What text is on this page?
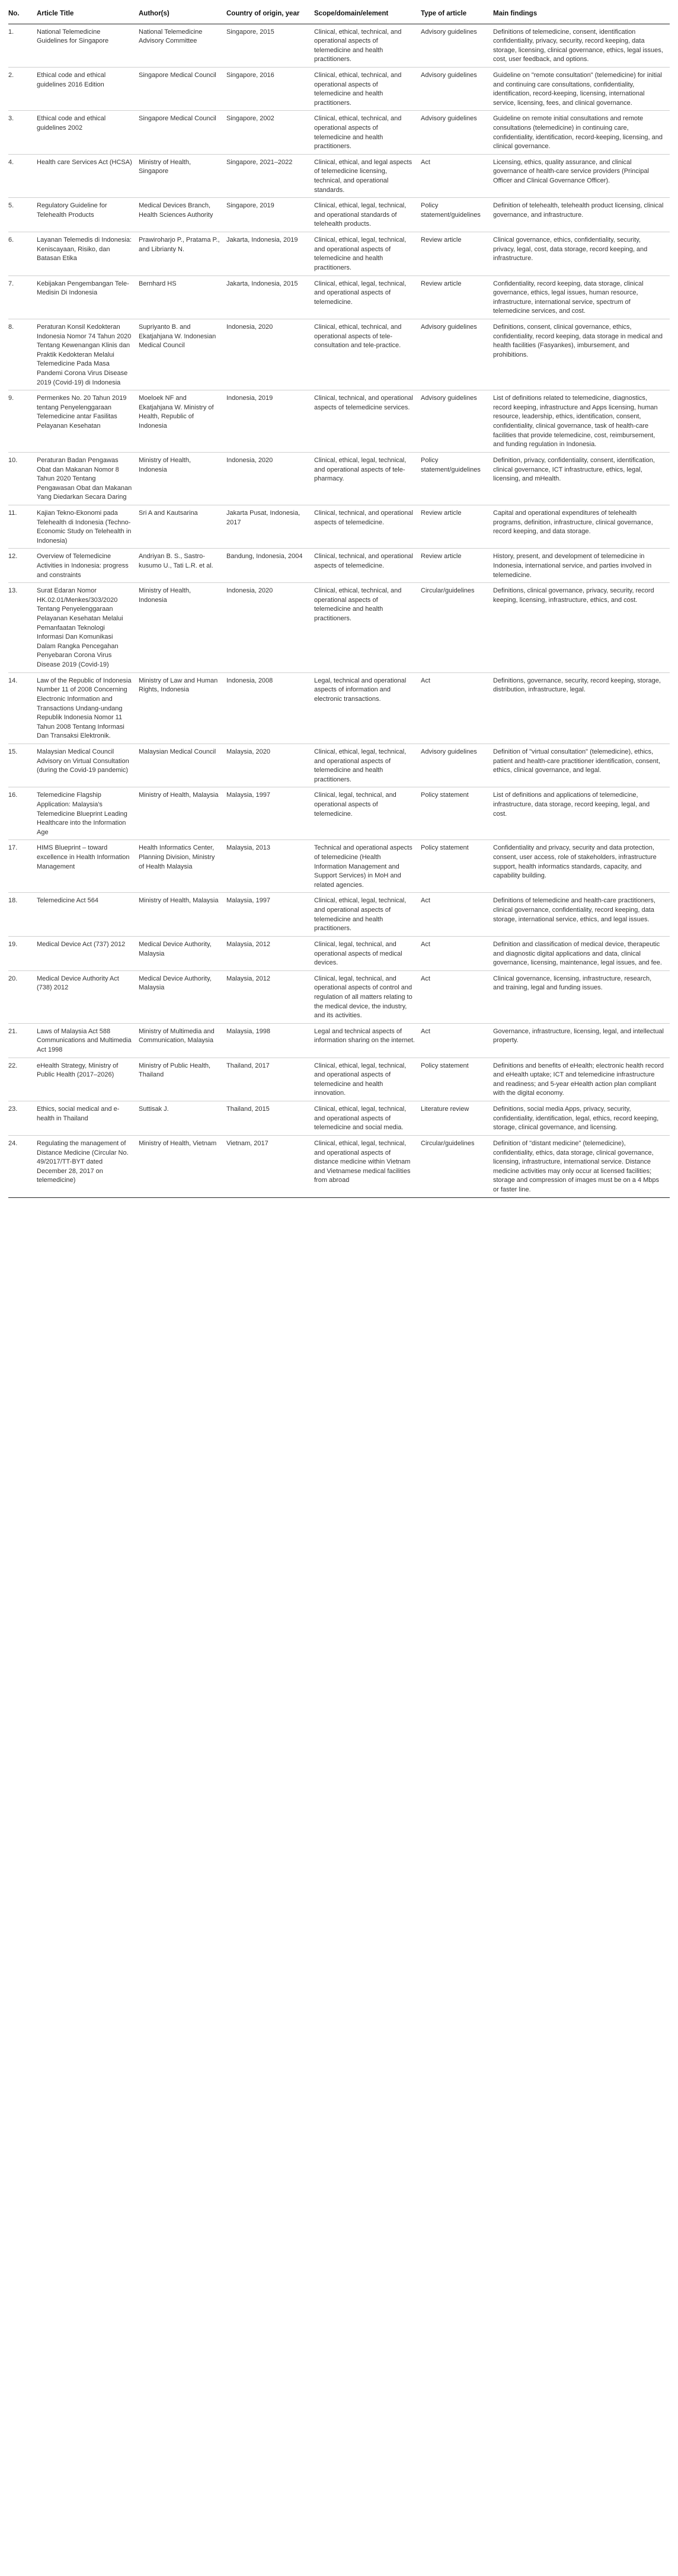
No.	Article Title	Author(s)	Country of origin, year	Scope/domain/element	Type of article	Main findings
1.	National Telemedicine Guidelines for Singapore	National Telemedicine Advisory Committee	Singapore, 2015	Clinical, ethical, technical, and operational aspects of telemedicine and health practitioners.	Advisory guidelines	Definitions of telemedicine, consent, identification confidentiality, privacy, security, record keeping, data storage, licensing, clinical governance, ethics, legal issues, cost, user feedback, and options.
2.	Ethical code and ethical guidelines 2016 Edition	Singapore Medical Council	Singapore, 2016	Clinical, ethical, technical, and operational aspects of telemedicine and health practitioners.	Advisory guidelines	Guideline on "remote consultation" (telemedicine) for initial and continuing care consultations, confidentiality, identification, record-keeping, licensing, international service, licensing, fees, and clinical governance.
3.	Ethical code and ethical guidelines 2002	Singapore Medical Council	Singapore, 2002	Clinical, ethical, technical, and operational aspects of telemedicine and health practitioners.	Advisory guidelines	Guideline on remote initial consultations and remote consultations (telemedicine) in continuing care, confidentiality, identification, record-keeping, licensing, and clinical governance.
4.	Health care Services Act (HCSA)	Ministry of Health, Singapore	Singapore, 2021–2022	Clinical, ethical, and legal aspects of telemedicine licensing, technical, and operational standards.	Act	Licensing, ethics, quality assurance, and clinical governance of health-care service providers (Principal Officer and Clinical Governance Officer).
5.	Regulatory Guideline for Telehealth Products	Medical Devices Branch, Health Sciences Authority	Singapore, 2019	Clinical, ethical, legal, technical, and operational standards of telehealth products.	Policy statement/guidelines	Definition of telehealth, telehealth product licensing, clinical governance, and infrastructure.
6.	Layanan Telemedis di Indonesia: Keniscayaan, Risiko, dan Batasan Etika	Prawiroharjo P., Pratama P., and Librianty N.	Jakarta, Indonesia, 2019	Clinical, ethical, legal, technical, and operational aspects of telemedicine and health practitioners.	Review article	Clinical governance, ethics, confidentiality, security, privacy, legal, cost, data storage, record keeping, and infrastructure.
7.	Kebijakan Pengembangan Tele-Medisin Di Indonesia	Bernhard HS	Jakarta, Indonesia, 2015	Clinical, ethical, legal, technical, and operational aspects of telemedicine.	Review article	Confidentiality, record keeping, data storage, clinical governance, ethics, legal issues, human resource, infrastructure, international service, spectrum of telemedicine services, and cost.
8.	Peraturan Konsil Kedokteran Indonesia Nomor 74 Tahun 2020 Tentang Kewenangan Klinis dan Praktik Kedokteran Melalui Telemedicine Pada Masa Pandemi Corona Virus Disease 2019 (Covid-19) di Indonesia	Supriyanto B. and Ekatjahjana W. Indonesian Medical Council	Indonesia, 2020	Clinical, ethical, technical, and operational aspects of tele-consultation and tele-practice.	Advisory guidelines	Definitions, consent, clinical governance, ethics, confidentiality, record keeping, data storage in medical and health facilities (Fasyankes), imbursement, and prohibitions.
9.	Permenkes No. 20 Tahun 2019 tentang Penyelenggaraan Telemedicine antar Fasilitas Pelayanan Kesehatan	Moeloek NF and Ekatjahjana W. Ministry of Health, Republic of Indonesia	Indonesia, 2019	Clinical, technical, and operational aspects of telemedicine services.	Advisory guidelines	List of definitions related to telemedicine, diagnostics, record keeping, infrastructure and Apps licensing, human resource, leadership, ethics, identification, consent, confidentiality, clinical governance, task of health-care facilities that provide telemedicine, cost, reimbursement, and funding regulation in Indonesia.
10.	Peraturan Badan Pengawas Obat dan Makanan Nomor 8 Tahun 2020 Tentang Pengawasan Obat dan Makanan Yang Diedarkan Secara Daring	Ministry of Health, Indonesia	Indonesia, 2020	Clinical, ethical, legal, technical, and operational aspects of tele-pharmacy.	Policy statement/guidelines	Definition, privacy, confidentiality, consent, identification, clinical governance, ICT infrastructure, ethics, legal, licensing, and mHealth.
11.	Kajian Tekno-Ekonomi pada Telehealth di Indonesia (Techno-Economic Study on Telehealth in Indonesia)	Sri A and Kautsarina	Jakarta Pusat, Indonesia, 2017	Clinical, technical, and operational aspects of telemedicine.	Review article	Capital and operational expenditures of telehealth programs, definition, infrastructure, clinical governance, record keeping, and data storage.
12.	Overview of Telemedicine Activities in Indonesia: progress and constraints	Andriyan B. S., Sastro-kusumo U., Tati L.R. et al.	Bandung, Indonesia, 2004	Clinical, technical, and operational aspects of telemedicine.	Review article	History, present, and development of telemedicine in Indonesia, international service, and parties involved in telemedicine.
13.	Surat Edaran Nomor HK.02.01/Menkes/303/2020 Tentang Penyelenggaraan Pelayanan Kesehatan Melalui Pemanfaatan Teknologi Informasi Dan Komunikasi Dalam Rangka Pencegahan Penyebaran Corona Virus Disease 2019 (Covid-19)	Ministry of Health, Indonesia	Indonesia, 2020	Clinical, ethical, technical, and operational aspects of telemedicine and health practitioners.	Circular/guidelines	Definitions, clinical governance, privacy, security, record keeping, licensing, infrastructure, ethics, and cost.
14.	Law of the Republic of Indonesia Number 11 of 2008 Concerning Electronic Information and Transactions Undang-undang Republik Indonesia Nomor 11 Tahun 2008 Tentang Informasi Dan Transaksi Elektronik.	Ministry of Law and Human Rights, Indonesia	Indonesia, 2008	Legal, technical and operational aspects of information and electronic transactions.	Act	Definitions, governance, security, record keeping, storage, distribution, infrastructure, legal.
15.	Malaysian Medical Council Advisory on Virtual Consultation (during the Covid-19 pandemic)	Malaysian Medical Council	Malaysia, 2020	Clinical, ethical, legal, technical, and operational aspects of telemedicine and health practitioners.	Advisory guidelines	Definition of "virtual consultation" (telemedicine), ethics, patient and health-care practitioner identification, consent, ethics, clinical governance, and legal.
16.	Telemedicine Flagship Application: Malaysia's Telemedicine Blueprint Leading Healthcare into the Information Age	Ministry of Health, Malaysia	Malaysia, 1997	Clinical, legal, technical, and operational aspects of telemedicine.	Policy statement	List of definitions and applications of telemedicine, infrastructure, data storage, record keeping, legal, and cost.
17.	HIMS Blueprint – toward excellence in Health Information Management	Health Informatics Center, Planning Division, Ministry of Health Malaysia	Malaysia, 2013	Technical and operational aspects of telemedicine (Health Information Management and Support Services) in MoH and related agencies.	Policy statement	Confidentiality and privacy, security and data protection, consent, user access, role of stakeholders, infrastructure support, health informatics standards, capacity, and capability building.
18.	Telemedicine Act 564	Ministry of Health, Malaysia	Malaysia, 1997	Clinical, ethical, legal, technical, and operational aspects of telemedicine and health practitioners.	Act	Definitions of telemedicine and health-care practitioners, clinical governance, confidentiality, record keeping, data storage, international service, ethics, and legal issues.
19.	Medical Device Act (737) 2012	Medical Device Authority, Malaysia	Malaysia, 2012	Clinical, legal, technical, and operational aspects of medical devices.	Act	Definition and classification of medical device, therapeutic and diagnostic digital applications and data, clinical governance, licensing, maintenance, legal issues, and fee.
20.	Medical Device Authority Act (738) 2012	Medical Device Authority, Malaysia	Malaysia, 2012	Clinical, legal, technical, and operational aspects of control and regulation of all matters relating to the medical device, the industry, and its activities.	Act	Clinical governance, licensing, infrastructure, research, and training, legal and funding issues.
21.	Laws of Malaysia Act 588 Communications and Multimedia Act 1998	Ministry of Multimedia and Communication, Malaysia	Malaysia, 1998	Legal and technical aspects of information sharing on the internet.	Act	Governance, infrastructure, licensing, legal, and intellectual property.
22.	eHealth Strategy, Ministry of Public Health (2017–2026)	Ministry of Public Health, Thailand	Thailand, 2017	Clinical, ethical, legal, technical, and operational aspects of telemedicine and health innovation.	Policy statement	Definitions and benefits of eHealth; electronic health record and eHealth uptake; ICT and telemedicine infrastructure and readiness; and 5-year eHealth action plan compliant with the digital economy.
23.	Ethics, social medical and e-health in Thailand	Suttisak J.	Thailand, 2015	Clinical, ethical, legal, technical, and operational aspects of telemedicine and social media.	Literature review	Definitions, social media Apps, privacy, security, confidentiality, identification, legal, ethics, record keeping, storage, clinical governance, and licensing.
24.	Regulating the management of Distance Medicine (Circular No. 49/2017/TT-BYT dated December 28, 2017 on telemedicine)	Ministry of Health, Vietnam	Vietnam, 2017	Clinical, ethical, legal, technical, and operational aspects of distance medicine within Vietnam and Vietnamese medical facilities from abroad	Circular/guidelines	Definition of "distant medicine" (telemedicine), confidentiality, ethics, data storage, clinical governance, licensing, infrastructure, international service. Distance medicine activities may only occur at licensed facilities; storage and compression of images must be on a 4 Mbps or faster line.
